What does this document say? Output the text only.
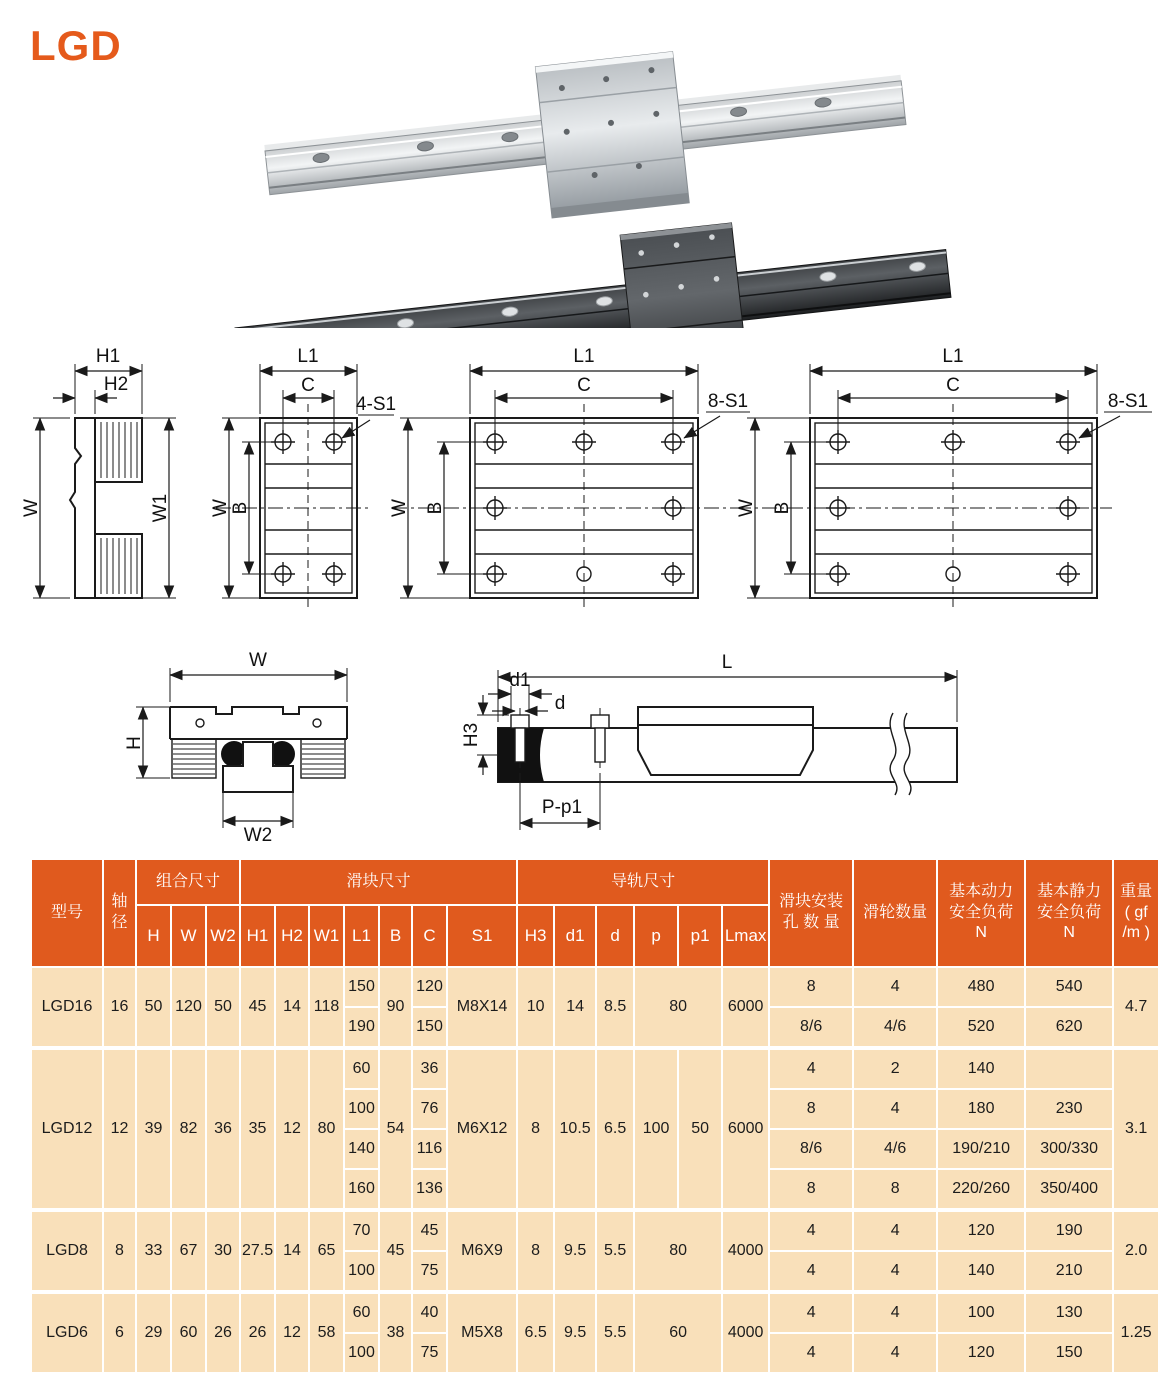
LGD
H1
H2
W	W1
L1
C
4-S1
W B
L1
C
8-S1
W B
L1
C
8-S1
W B
W
H
W2
L
d1
d
H3
P-p1
型号	
轴
径
	组合尺寸	滑块尺寸	导轨尺寸	
滑块安装
孔 数 量
	滑轮数量	
基本动力
安全负荷
N

基本静力
安全负荷
N

重量
( gf
/m )

		H	W	W2	H1	H2	W1	L1	B	C	S1	H3	d1	d	p	p1	Lmax					
LGD16	16	50	120	50	45	14	118	150	90	120	M8X14	10	14	8.5	80		6000	8	4	480	540	4.7
								190		150								8/6	4/6	520	620	
LGD12	12	39	82	36	35	12	80	60	54	36	M6X12	8	10.5	6.5	100	50	6000	4	2	140		3.1
								100		76								8	4	180	230	
								140		116								8/6	4/6	190/210	300/330	
								160		136								8	8	220/260	350/400	
LGD8	8	33	67	30	27.5	14	65	70	45	45	M6X9	8	9.5	5.5	80		4000	4	4	120	190	2.0
								100		75								4	4	140	210	
LGD6	6	29	60	26	26	12	58	60	38	40	M5X8	6.5	9.5	5.5	60		4000	4	4	100	130	1.25
								100		75								4	4	120	150	
